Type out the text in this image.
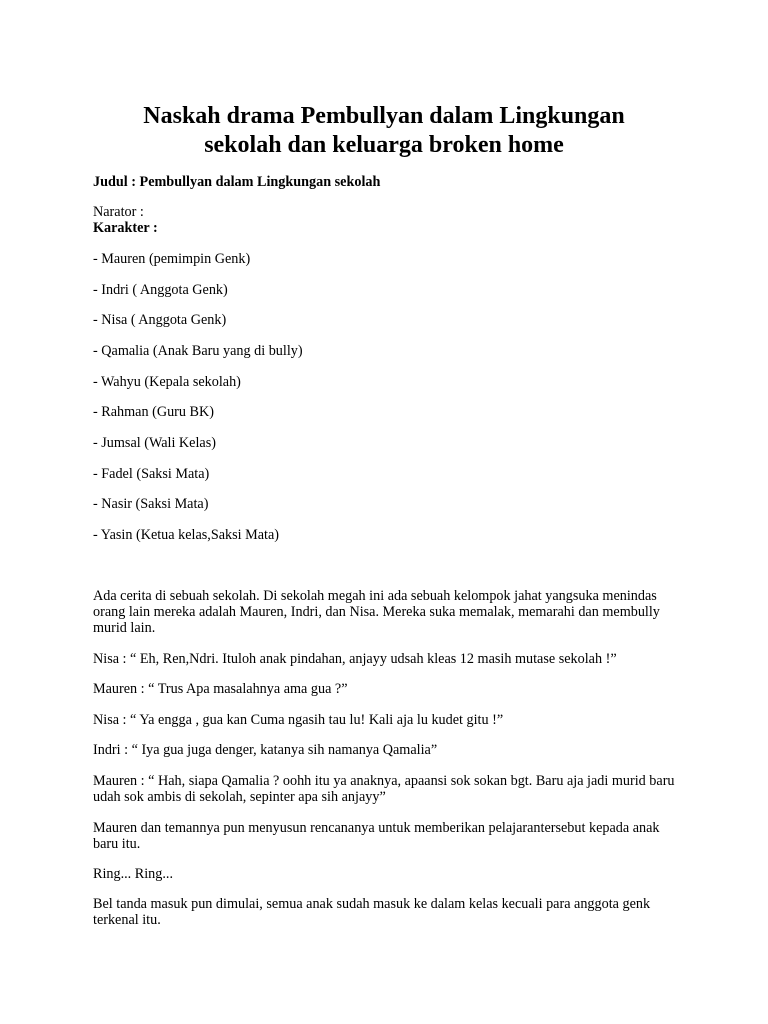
Naskah drama Pembullyan dalam Lingkungan
sekolah dan keluarga broken home

Judul : Pembullyan dalam Lingkungan sekolah

Narator :

Karakter :

- Mauren (pemimpin Genk)

- Indri ( Anggota Genk)

- Nisa ( Anggota Genk)

- Qamalia (Anak Baru yang di bully)

- Wahyu (Kepala sekolah)

- Rahman (Guru BK)

- Jumsal (Wali Kelas)

- Fadel (Saksi Mata)

- Nasir (Saksi Mata)

- Yasin (Ketua kelas,Saksi Mata)

Ada cerita di sebuah sekolah. Di sekolah megah ini ada sebuah kelompok jahat yangsuka menindas
orang lain mereka adalah Mauren, Indri, dan Nisa. Mereka suka memalak, memarahi dan membully
murid lain.
Nisa : “ Eh, Ren,Ndri. Ituloh anak pindahan, anjayy udsah kleas 12 masih mutase sekolah !”
Mauren : “ Trus Apa masalahnya ama gua ?”
Nisa : “ Ya engga , gua kan Cuma ngasih tau lu! Kali aja lu kudet gitu !”
Indri : “ Iya gua juga denger, katanya sih namanya Qamalia”
Mauren : “ Hah, siapa Qamalia ? oohh itu ya anaknya, apaansi sok sokan bgt. Baru aja jadi murid baru
udah sok ambis di sekolah, sepinter apa sih anjayy”
Mauren dan temannya pun menyusun rencananya untuk memberikan pelajarantersebut kepada anak
baru itu.
Ring... Ring...
Bel tanda masuk pun dimulai, semua anak sudah masuk ke dalam kelas kecuali para anggota genk
terkenal itu.
